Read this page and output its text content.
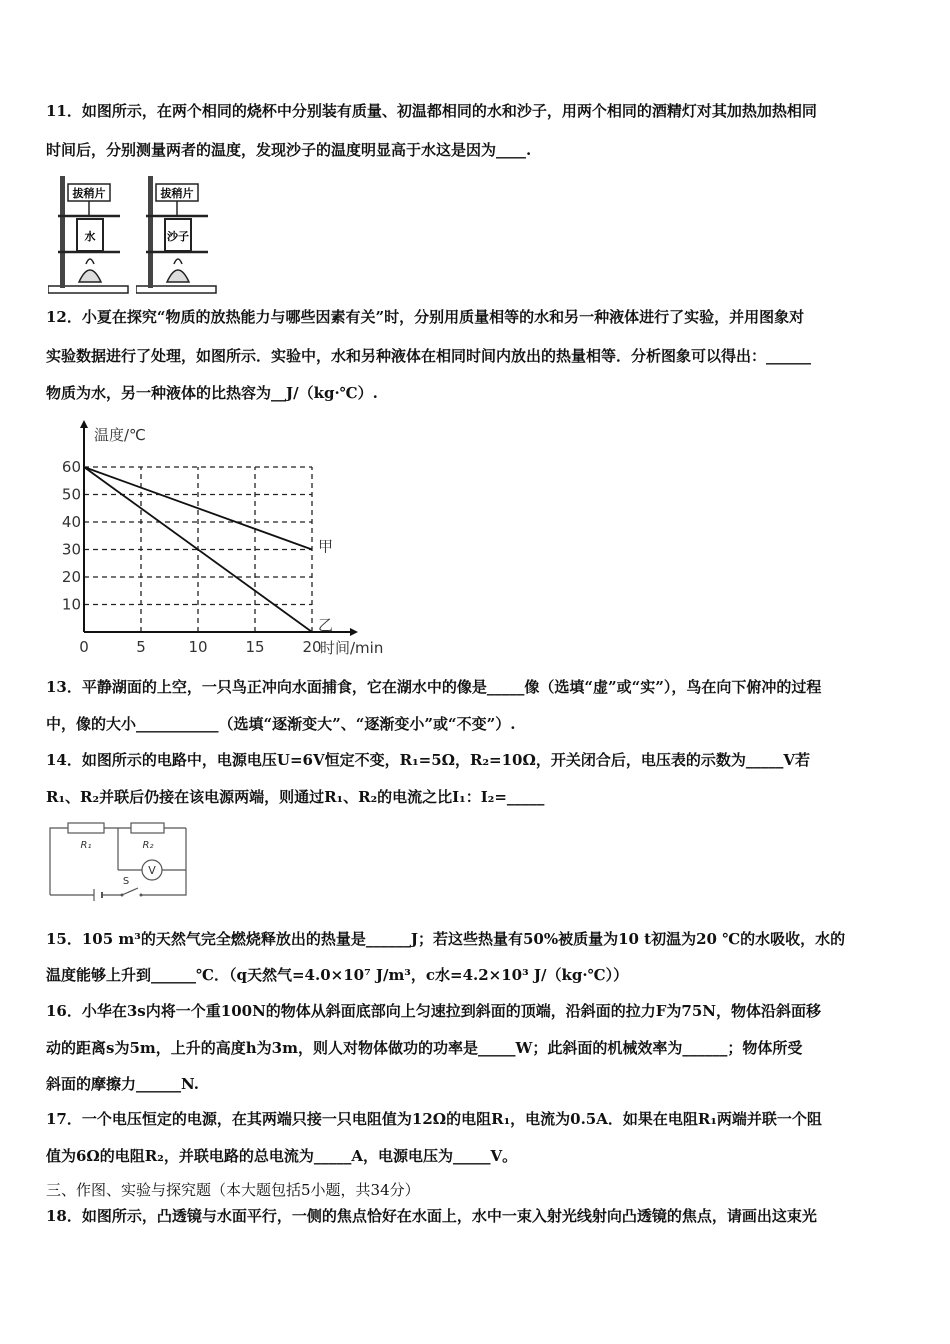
11．如图所示，在两个相同的烧杯中分别装有质量、初温都相同的水和沙子，用两个相同的酒精灯对其加热加热相同
时间后，分别测量两者的温度，发现沙子的温度明显高于水这是因为____.
拔稍片
水
拔稍片
沙子
12．小夏在探究“物质的放热能力与哪些因素有关”时，分别用质量相等的水和另一种液体进行了实验，并用图象对
实验数据进行了处理，如图所示．实验中，水和另种液体在相同时间内放出的热量相等．分析图象可以得出：______
物质为水，另一种液体的比热容为__J/（kg·℃）.
0	5	10	15	20
10
20
30
40
50
60
甲
乙
温度/℃
时间/min
13．平静湖面的上空，一只鸟正冲向水面捕食，它在湖水中的像是_____像（选填“虚”或“实”），鸟在向下俯冲的过程
中，像的大小___________（选填“逐渐变大”、“逐渐变小”或“不变”）.
14．如图所示的电路中，电源电压U=6V恒定不变，R₁=5Ω，R₂=10Ω，开关闭合后，电压表的示数为_____V若
R₁、R₂并联后仍接在该电源两端，则通过R₁、R₂的电流之比I₁：I₂=_____
R₁	R₂
V
S
15．105 m³的天然气完全燃烧释放出的热量是______J；若这些热量有50%被质量为10 t初温为20 ℃的水吸收，水的
温度能够上升到______℃．（q天然气=4.0×10⁷ J/m³，c水=4.2×10³ J/（kg·℃））
16．小华在3s内将一个重100N的物体从斜面底部向上匀速拉到斜面的顶端，沿斜面的拉力F为75N，物体沿斜面移
动的距离s为5m，上升的高度h为3m，则人对物体做功的功率是_____W；此斜面的机械效率为______；物体所受
斜面的摩擦力______N.
17．一个电压恒定的电源，在其两端只接一只电阻值为12Ω的电阻R₁，电流为0.5A．如果在电阻R₁两端并联一个阻
值为6Ω的电阻R₂，并联电路的总电流为_____A，电源电压为_____V。
三、作图、实验与探究题（本大题包括5小题，共34分）
18．如图所示，凸透镜与水面平行，一侧的焦点恰好在水面上，水中一束入射光线射向凸透镜的焦点，请画出这束光
